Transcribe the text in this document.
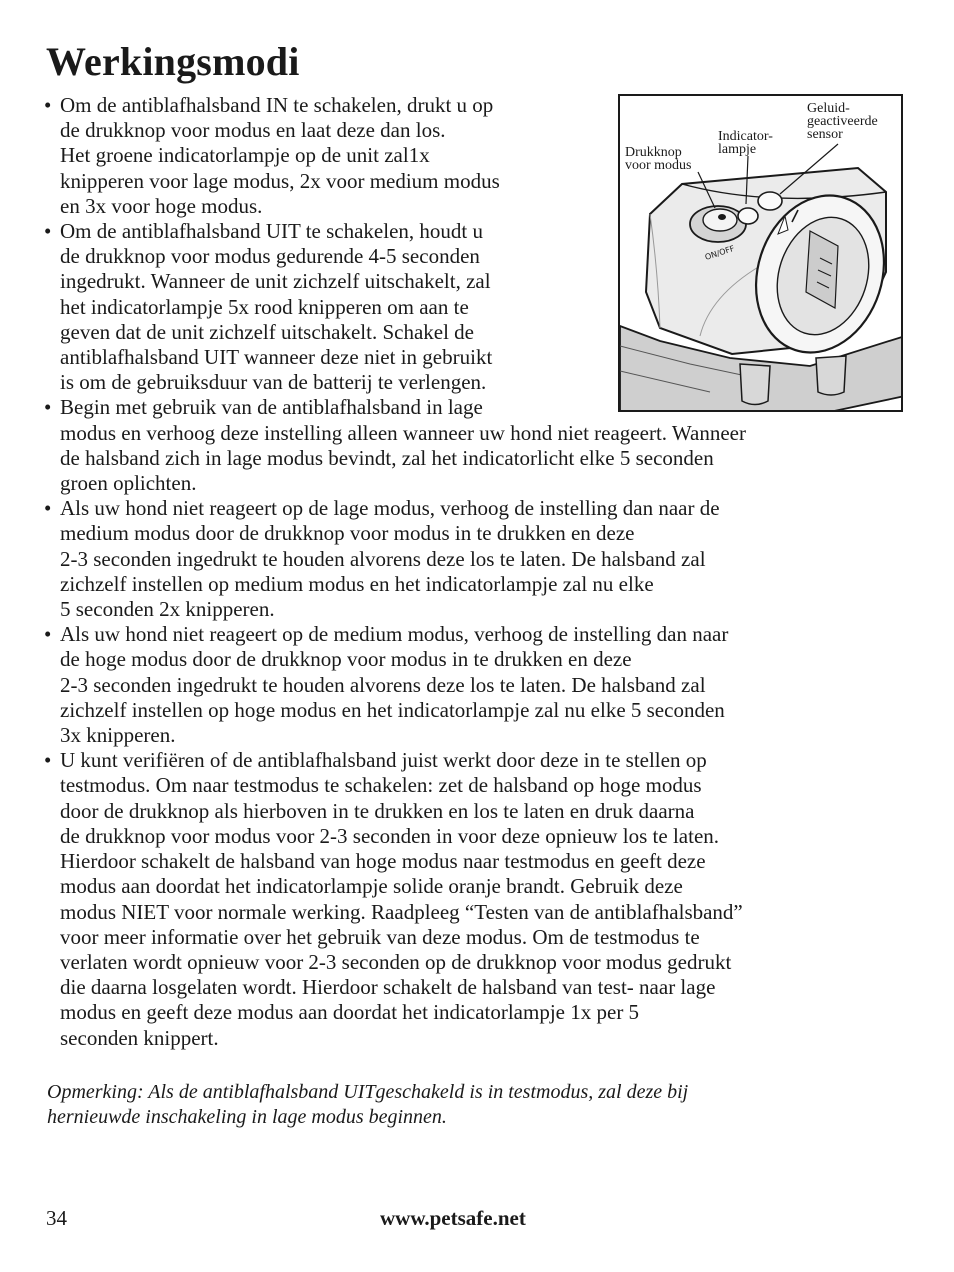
Werkingsmodi
ON/OFF
Drukknop
voor modus
Indicator-
lampje
Geluid-
geactiveerde
sensor
• Om de antiblafhalsband IN te schakelen, drukt u op
de drukknop voor modus en laat deze dan los.
Het groene indicatorlampje op de unit zal1x
knipperen voor lage modus, 2x voor medium modus
en 3x voor hoge modus.
• Om de antiblafhalsband UIT te schakelen, houdt u
de drukknop voor modus gedurende 4-5 seconden
ingedrukt. Wanneer de unit zichzelf uitschakelt, zal
het indicatorlampje 5x rood knipperen om aan te
geven dat de unit zichzelf uitschakelt. Schakel de
antiblafhalsband UIT wanneer deze niet in gebruikt
is om de gebruiksduur van de batterij te verlengen.
• Begin met gebruik van de antiblafhalsband in lage
modus en verhoog deze instelling alleen wanneer uw hond niet reageert. Wanneer
de halsband zich in lage modus bevindt, zal het indicatorlicht elke 5 seconden
groen oplichten.
• Als uw hond niet reageert op de lage modus, verhoog de instelling dan naar de
medium modus door de drukknop voor modus in te drukken en deze
2-3 seconden ingedrukt te houden alvorens deze los te laten. De halsband zal
zichzelf instellen op medium modus en het indicatorlampje zal nu elke
5 seconden 2x knipperen.
• Als uw hond niet reageert op de medium modus, verhoog de instelling dan naar
de hoge modus door de drukknop voor modus in te drukken en deze
2-3 seconden ingedrukt te houden alvorens deze los te laten. De halsband zal
zichzelf instellen op hoge modus en het indicatorlampje zal nu elke 5 seconden
3x knipperen.
• U kunt verifiëren of de antiblafhalsband juist werkt door deze in te stellen op
testmodus. Om naar testmodus te schakelen: zet de halsband op hoge modus
door de drukknop als hierboven in te drukken en los te laten en druk daarna
de drukknop voor modus voor 2-3 seconden in voor deze opnieuw los te laten.
Hierdoor schakelt de halsband van hoge modus naar testmodus en geeft deze
modus aan doordat het indicatorlampje solide oranje brandt. Gebruik deze
modus NIET voor normale werking. Raadpleeg “Testen van de antiblafhalsband”
voor meer informatie over het gebruik van deze modus. Om de testmodus te
verlaten wordt opnieuw voor 2-3 seconden op de drukknop voor modus gedrukt
die daarna losgelaten wordt. Hierdoor schakelt de halsband van test- naar lage
modus en geeft deze modus aan doordat het indicatorlampje 1x per 5
seconden knippert.
Opmerking: Als de antiblafhalsband UITgeschakeld is in testmodus, zal deze bij
hernieuwde inschakeling in lage modus beginnen.
34	www.petsafe.net
